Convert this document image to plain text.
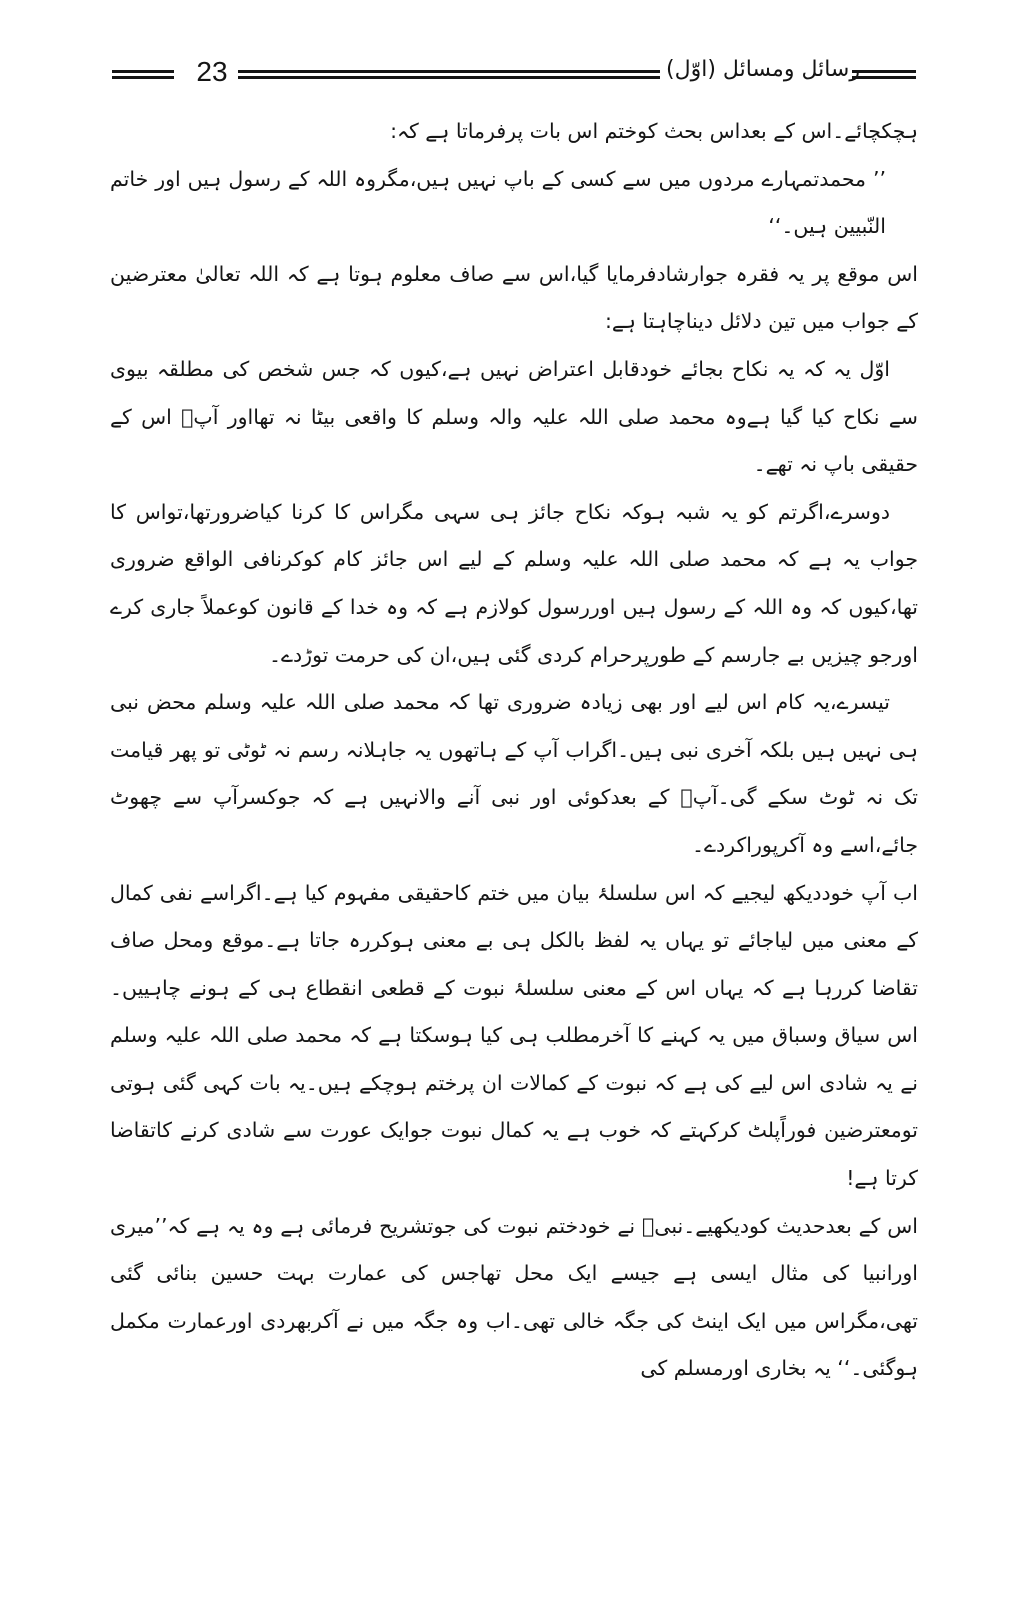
23	رسائل ومسائل (اوّل)

ہچکچائے۔اس کے بعداس بحث کوختم اس بات پرفرماتا ہے کہ:

’’ محمدتمہارے مردوں میں سے کسی کے باپ نہیں ہیں،مگروہ اللہ کے رسول ہیں اور خاتم النّبیین ہیں۔‘‘

اس موقع پر یہ فقرہ جوارشادفرمایا گیا،اس سے صاف معلوم ہوتا ہے کہ اللہ تعالیٰ معترضین کے جواب میں تین دلائل دیناچاہتا ہے:

اوّل یہ کہ یہ نکاح بجائے خودقابل اعتراض نہیں ہے،کیوں کہ جس شخص کی مطلقہ بیوی سے نکاح کیا گیا ہےوہ محمد صلی اللہ علیہ والہ وسلم کا واقعی بیٹا نہ تھااور آپؐ اس کے حقیقی باپ نہ تھے۔

دوسرے،اگرتم کو یہ شبہ ہوکہ نکاح جائز ہی سہی مگراس کا کرنا کیاضرورتھا،تواس کا جواب یہ ہے کہ محمد صلی اللہ علیہ وسلم کے لیے اس جائز کام کوکرنافی الواقع ضروری تھا،کیوں کہ وہ اللہ کے رسول ہیں اوررسول کولازم ہے کہ وہ خدا کے قانون کوعملاً جاری کرے اورجو چیزیں بے جارسم کے طورپرحرام کردی گئی ہیں،ان کی حرمت توڑدے۔

تیسرے،یہ کام اس لیے اور بھی زیادہ ضروری تھا کہ محمد صلی اللہ علیہ وسلم محض نبی ہی نہیں ہیں بلکہ آخری نبی ہیں۔اگراب آپ کے ہاتھوں یہ جاہلانہ رسم نہ ٹوٹی تو پھر قیامت تک نہ ٹوٹ سکے گی۔آپؐ کے بعدکوئی اور نبی آنے والانہیں ہے کہ جوکسرآپ سے چھوٹ جائے،اسے وہ آکرپوراکردے۔

اب آپ خوددیکھ لیجیے کہ اس سلسلۂ بیان میں ختم کاحقیقی مفہوم کیا ہے۔اگراسے نفی کمال کے معنی میں لیاجائے تو یہاں یہ لفظ بالکل ہی بے معنی ہوکررہ جاتا ہے۔موقع ومحل صاف تقاضا کررہا ہے کہ یہاں اس کے معنی سلسلۂ نبوت کے قطعی انقطاع ہی کے ہونے چاہییں۔اس سیاق وسباق میں یہ کہنے کا آخرمطلب ہی کیا ہوسکتا ہے کہ محمد صلی اللہ علیہ وسلم نے یہ شادی اس لیے کی ہے کہ نبوت کے کمالات ان پرختم ہوچکے ہیں۔یہ بات کہی گئی ہوتی تومعترضین فوراًپلٹ کرکہتے کہ خوب ہے یہ کمال نبوت جوایک عورت سے شادی کرنے کاتقاضا کرتا ہے!

اس کے بعدحدیث کودیکھیے۔نبیؐ نے خودختم نبوت کی جوتشریح فرمائی ہے وہ یہ ہے کہ’’میری اورانبیا کی مثال ایسی ہے جیسے ایک محل تھاجس کی عمارت بہت حسین بنائی گئی تھی،مگراس میں ایک اینٹ کی جگہ خالی تھی۔اب وہ جگہ میں نے آکربھردی اورعمارت مکمل ہوگئی۔‘‘ یہ بخاری اورمسلم کی
